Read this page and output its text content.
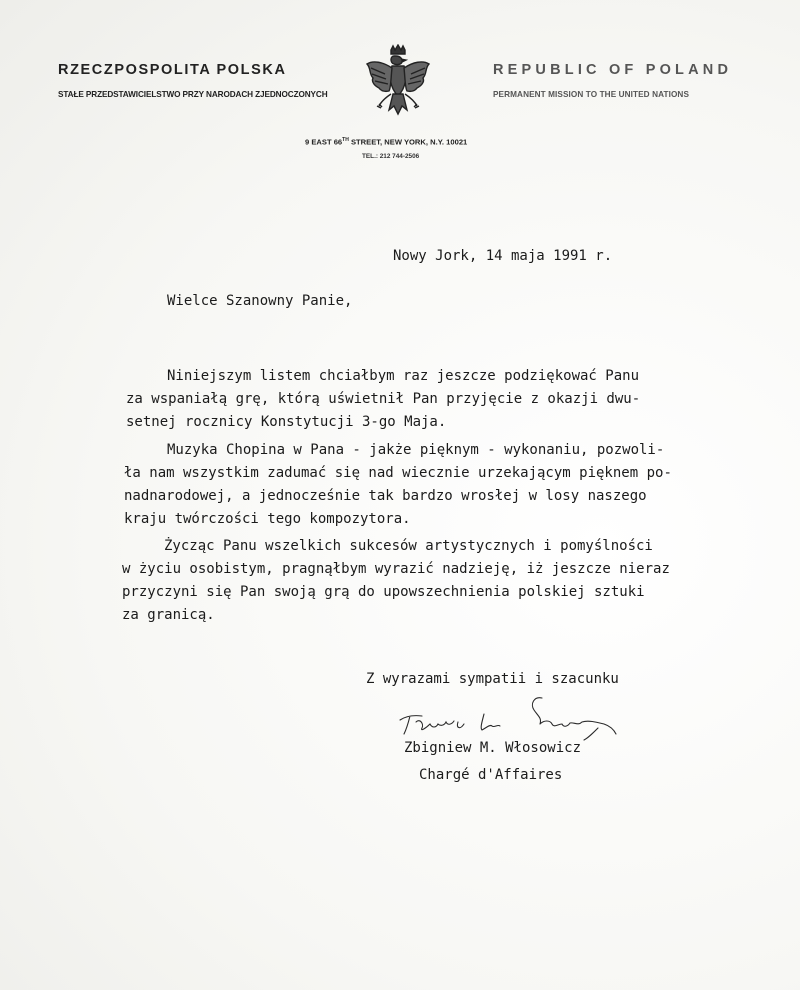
RZECZPOSPOLITA POLSKA
STAŁE PRZEDSTAWICIELSTWO PRZY NARODACH ZJEDNOCZONYCH
REPUBLIC OF POLAND
PERMANENT MISSION TO THE UNITED NATIONS
9 EAST 66TH STREET, NEW YORK, N.Y. 10021
TEL.: 212 744-2506
Nowy Jork, 14 maja 1991 r.
Wielce Szanowny Panie,
Niniejszym listem chciałbym raz jeszcze podziękować Panu
za wspaniałą grę, którą uświetnił Pan przyjęcie z okazji dwu-
setnej rocznicy Konstytucji 3-go Maja.
Muzyka Chopina w Pana - jakże pięknym - wykonaniu, pozwoli-
ła nam wszystkim zadumać się nad wiecznie urzekającym pięknem po-
nadnarodowej, a jednocześnie tak bardzo wrosłej w losy naszego
kraju twórczości tego kompozytora.
Życząc Panu wszelkich sukcesów artystycznych i pomyślności
w życiu osobistym, pragnąłbym wyrazić nadzieję, iż jeszcze nieraz
przyczyni się Pan swoją grą do upowszechnienia polskiej sztuki
za granicą.
Z wyrazami sympatii i szacunku
Zbigniew M. Włosowicz
Chargé d'Affaires
